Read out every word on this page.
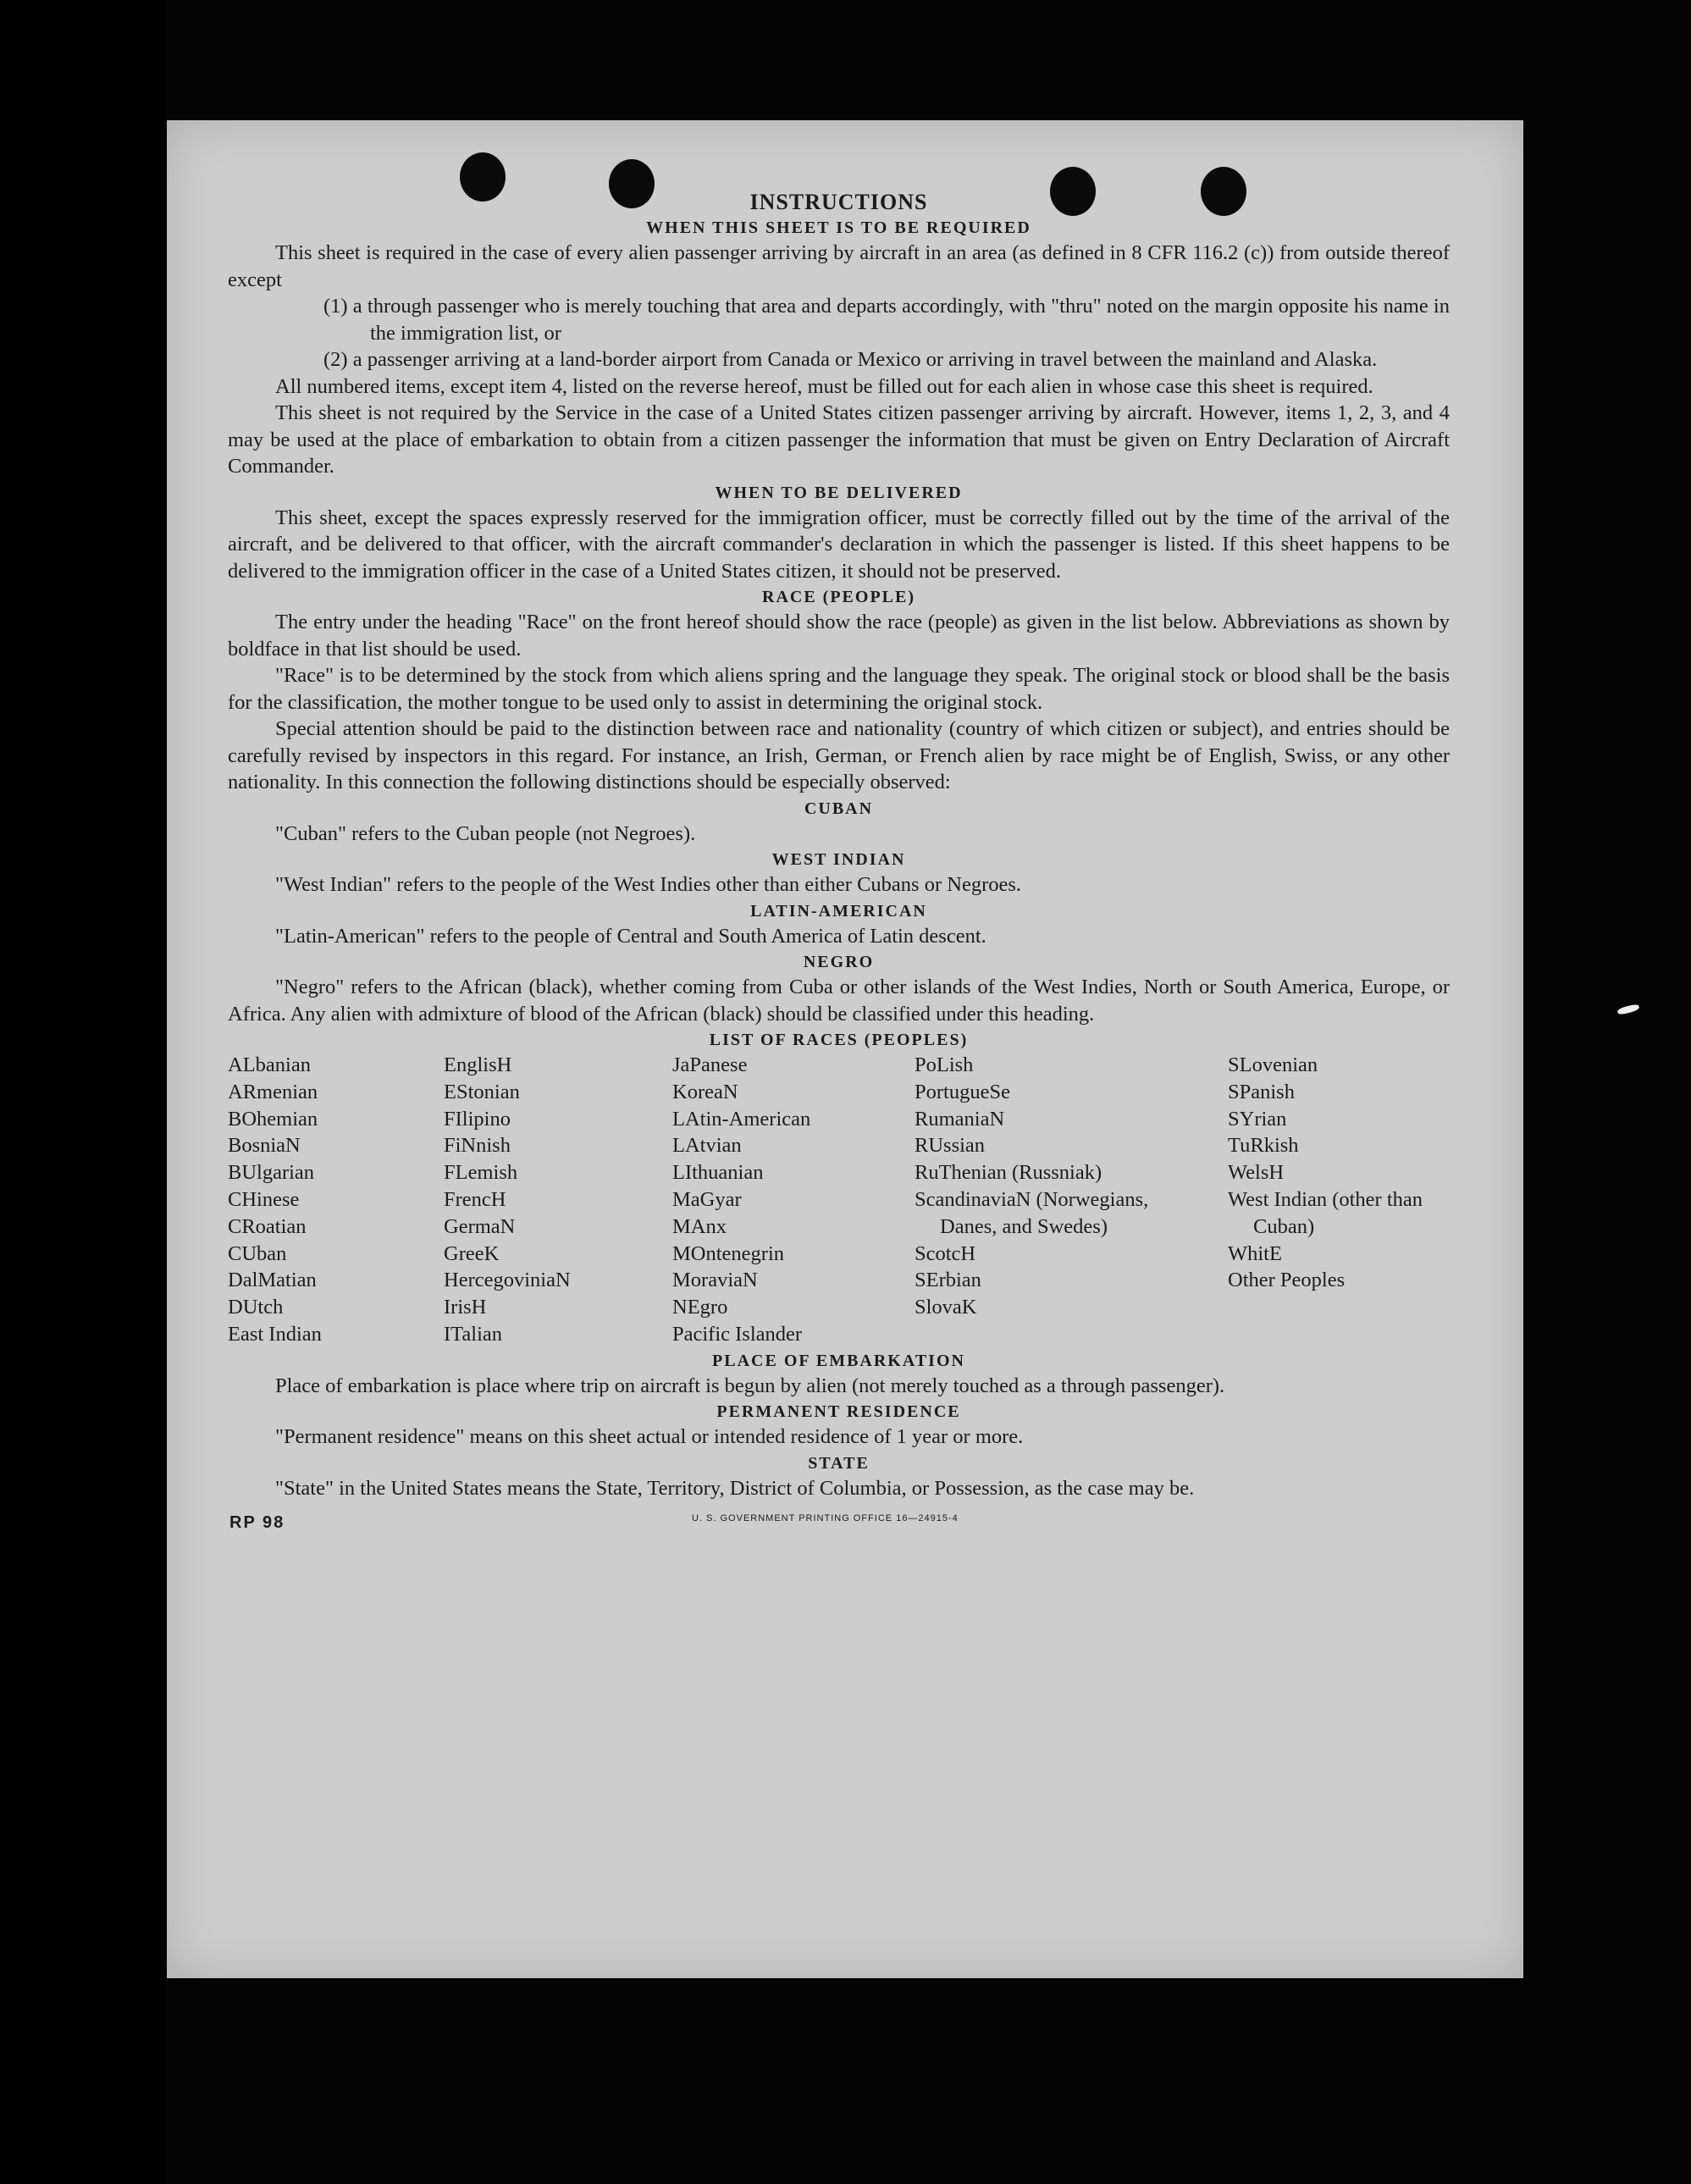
INSTRUCTIONS
WHEN THIS SHEET IS TO BE REQUIRED

This sheet is required in the case of every alien passenger arriving by aircraft in an area (as defined in 8 CFR 116.2 (c)) from outside thereof except

(1) a through passenger who is merely touching that area and departs accordingly, with "thru" noted on the margin opposite his name in the immigration list, or

(2) a passenger arriving at a land-border airport from Canada or Mexico or arriving in travel between the mainland and Alaska.

All numbered items, except item 4, listed on the reverse hereof, must be filled out for each alien in whose case this sheet is required.

This sheet is not required by the Service in the case of a United States citizen passenger arriving by aircraft. However, items 1, 2, 3, and 4 may be used at the place of embarkation to obtain from a citizen passenger the information that must be given on Entry Declaration of Aircraft Commander.

WHEN TO BE DELIVERED

This sheet, except the spaces expressly reserved for the immigration officer, must be correctly filled out by the time of the arrival of the aircraft, and be delivered to that officer, with the aircraft commander's declaration in which the passenger is listed. If this sheet happens to be delivered to the immigration officer in the case of a United States citizen, it should not be preserved.

RACE (PEOPLE)

The entry under the heading "Race" on the front hereof should show the race (people) as given in the list below. Abbreviations as shown by boldface in that list should be used.

"Race" is to be determined by the stock from which aliens spring and the language they speak. The original stock or blood shall be the basis for the classification, the mother tongue to be used only to assist in determining the original stock.

Special attention should be paid to the distinction between race and nationality (country of which citizen or subject), and entries should be carefully revised by inspectors in this regard. For instance, an Irish, German, or French alien by race might be of English, Swiss, or any other nationality. In this connection the following distinctions should be especially observed:

CUBAN

"Cuban" refers to the Cuban people (not Negroes).

WEST INDIAN

"West Indian" refers to the people of the West Indies other than either Cubans or Negroes.

LATIN-AMERICAN

"Latin-American" refers to the people of Central and South America of Latin descent.

NEGRO

"Negro" refers to the African (black), whether coming from Cuba or other islands of the West Indies, North or South America, Europe, or Africa. Any alien with admixture of blood of the African (black) should be classified under this heading.

LIST OF RACES (PEOPLES)
ALbanian
ARmenian
BOhemian
BosniaN
BUlgarian
CHinese
CRoatian
CUban
DalMatian
DUtch
East Indian
EnglisH
EStonian
FIlipino
FiNnish
FLemish
FrencH
GermaN
GreeK
HercegoviniaN
IrisH
ITalian
JaPanese
KoreaN
LAtin-American
LAtvian
LIthuanian
MaGyar
MAnx
MOntenegrin
MoraviaN
NEgro
Pacific Islander
PoLish
PortugueSe
RumaniaN
RUssian
RuThenian (Russniak)
ScandinaviaN (Norwegians, Danes, and Swedes)
ScotcH
SErbian
SlovaK
SLovenian
SPanish
SYrian
TuRkish
WelsH
West Indian (other than Cuban)
WhitE
Other Peoples
PLACE OF EMBARKATION

Place of embarkation is place where trip on aircraft is begun by alien (not merely touched as a through passenger).

PERMANENT RESIDENCE

"Permanent residence" means on this sheet actual or intended residence of 1 year or more.

STATE

"State" in the United States means the State, Territory, District of Columbia, or Possession, as the case may be.

RP 98	U. S. GOVERNMENT PRINTING OFFICE 16—24915-4
